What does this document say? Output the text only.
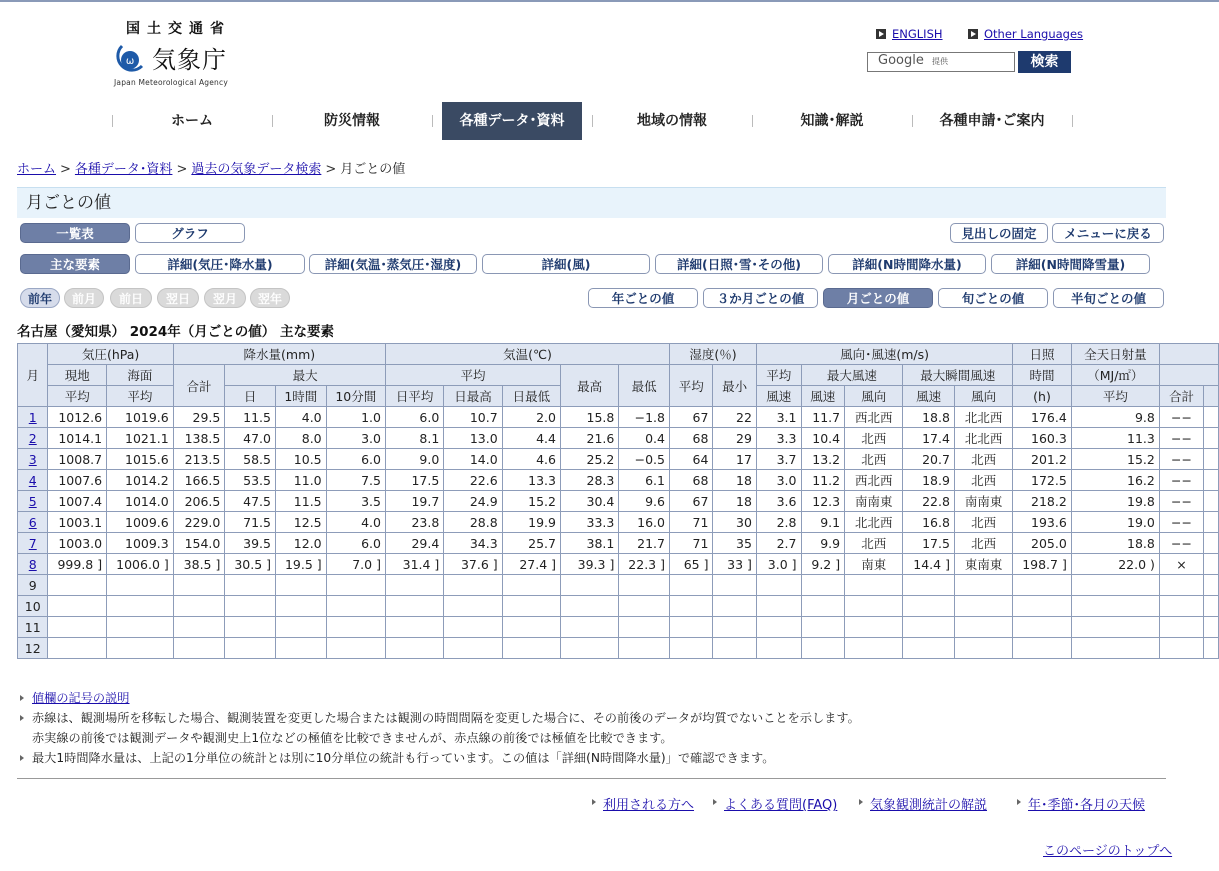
国土交通省
ω 気象庁
Japan Meteorological Agency
ENGLISH	Other Languages
Google 提供	検索
ホーム	防災情報	各種データ･資料	地域の情報	知識･解説	各種申請･ご案内
ホーム > 各種データ･資料 > 過去の気象データ検索 > 月ごとの値
月ごとの値
一覧表	グラフ	見出しの固定	メニューに戻る
主な要素	詳細(気圧･降水量)	詳細(気温･蒸気圧･湿度)	詳細(風)	詳細(日照･雪･その他)	詳細(N時間降水量)	詳細(N時間降雪量)
前年	前月	前日	翌日	翌月	翌年	年ごとの値	３か月ごとの値	月ごとの値	旬ごとの値	半旬ごとの値
名古屋（愛知県） 2024年（月ごとの値） 主な要素
月	気圧(hPa)		降水量(mm)				気温(℃)					湿度(％)		風向･風速(m/s)					日照	全天日射量		
	現地	海面	合計	最大			平均			最高	最低	平均	最小	平均	最大風速		最大瞬間風速		時間	（MJ/㎡）		
	平均	平均		日	1時間	10分間	日平均	日最高	日最低					風速	風速	風向	風速	風向	(h)	平均	合計	
1	1012.6	1019.6	29.5	11.5	4.0	1.0	6.0	10.7	2.0	15.8	−1.8	67	22	3.1	11.7	西北西	18.8	北北西	176.4	9.8	−−	
2	1014.1	1021.1	138.5	47.0	8.0	3.0	8.1	13.0	4.4	21.6	0.4	68	29	3.3	10.4	北西	17.4	北北西	160.3	11.3	−−	
3	1008.7	1015.6	213.5	58.5	10.5	6.0	9.0	14.0	4.6	25.2	−0.5	64	17	3.7	13.2	北西	20.7	北西	201.2	15.2	−−	
4	1007.6	1014.2	166.5	53.5	11.0	7.5	17.5	22.6	13.3	28.3	6.1	68	18	3.0	11.2	西北西	18.9	北西	172.5	16.2	−−	
5	1007.4	1014.0	206.5	47.5	11.5	3.5	19.7	24.9	15.2	30.4	9.6	67	18	3.6	12.3	南南東	22.8	南南東	218.2	19.8	−−	
6	1003.1	1009.6	229.0	71.5	12.5	4.0	23.8	28.8	19.9	33.3	16.0	71	30	2.8	9.1	北北西	16.8	北西	193.6	19.0	−−	
7	1003.0	1009.3	154.0	39.5	12.0	6.0	29.4	34.3	25.7	38.1	21.7	71	35	2.7	9.9	北西	17.5	北西	205.0	18.8	−−	
8	999.8 ]	1006.0 ]	38.5 ]	30.5 ]	19.5 ]	7.0 ]	31.4 ]	37.6 ]	27.4 ]	39.3 ]	22.3 ]	65 ]	33 ]	3.0 ]	9.2 ]	南東	14.4 ]	東南東	198.7 ]	22.0 )	×	
9																						
10																						
11																						
12																						
値欄の記号の説明
赤線は、観測場所を移転した場合、観測装置を変更した場合または観測の時間間隔を変更した場合に、その前後のデータが均質でないことを示します。
赤実線の前後では観測データや観測史上1位などの極値を比較できませんが、赤点線の前後では極値を比較できます。
最大1時間降水量は、上記の1分単位の統計とは別に10分単位の統計も行っています。この値は「詳細(N時間降水量)」で確認できます。
利用される方へ	よくある質問(FAQ)	気象観測統計の解説	年･季節･各月の天候
このページのトップへ
